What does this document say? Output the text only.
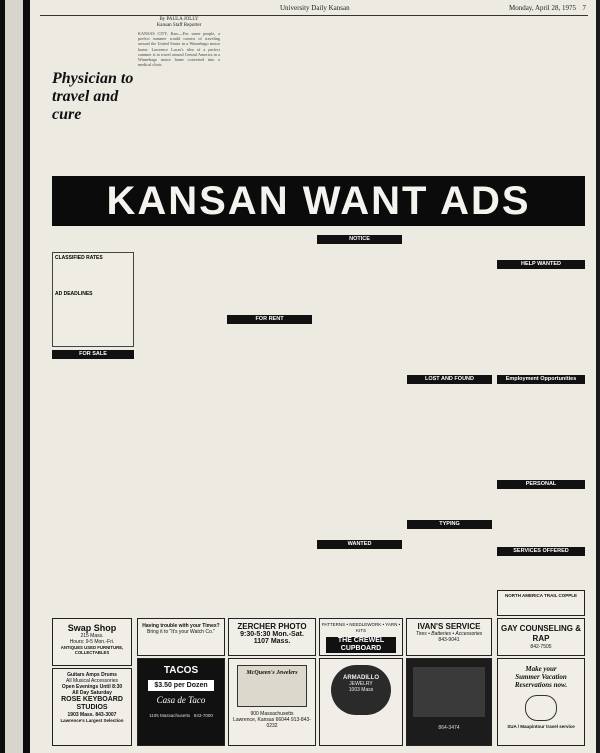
University Daily Kansan	Monday, April 28, 1975 7
By PAULA JOLLY
Kansan Staff Reporter
KANSAS CITY, Kan.—For some people, a perfect summer would consist of traveling around the United States in a Winnebago motor home. Lawrence Lucas's idea of a perfect summer is to travel around Central America in a Winnebago motor home converted into a medical clinic.
Physician to travel and cure
KANSAN WANT ADS
CLASSIFIED RATES
AD DEADLINES
FOR SALE
FOR RENT
NOTICE
WANTED
LOST AND FOUND
TYPING
HELP WANTED
Employment Opportunities
PERSONAL
SERVICES OFFERED
Swap Shop
215 Mass.
Hours: 9-5 Mon.-Fri.
ANTIQUES USED FURNITURE, COLLECTABLES
Guitars Amps Drums
All Musical Accessories
Open Evenings Until 8:30
All Day Saturday
ROSE KEYBOARD STUDIOS
1903 Mass. 843-3007
Lawrence's Largest Selection
Having trouble with your Timex?
Bring it to "It's your Watch Co."
TACOS
$3.50 per Dozen
Casa de Taco
1105 Massachusetts 843-7000
ZERCHER PHOTO
9:30-5:30 Mon.-Sat.
1107 Mass.
McQueen's Jewelers
900 Massachusetts
Lawrence, Kansas 66044 913-843-0232
PATTERNS • NEEDLEWORK • YARN • KITS
THE CREWEL CUPBOARD
ARMADILLO
JEWELRY
1003 Mass
IVAN'S SERVICE
Tires • Batteries • Accessories
843-9041
864-3474
NORTH AMERICA TRAIL COPPLE
GAY COUNSELING & RAP
842-7505
Make your
Summer Vacation
Reservations now.
SUA / Maupintour travel service
